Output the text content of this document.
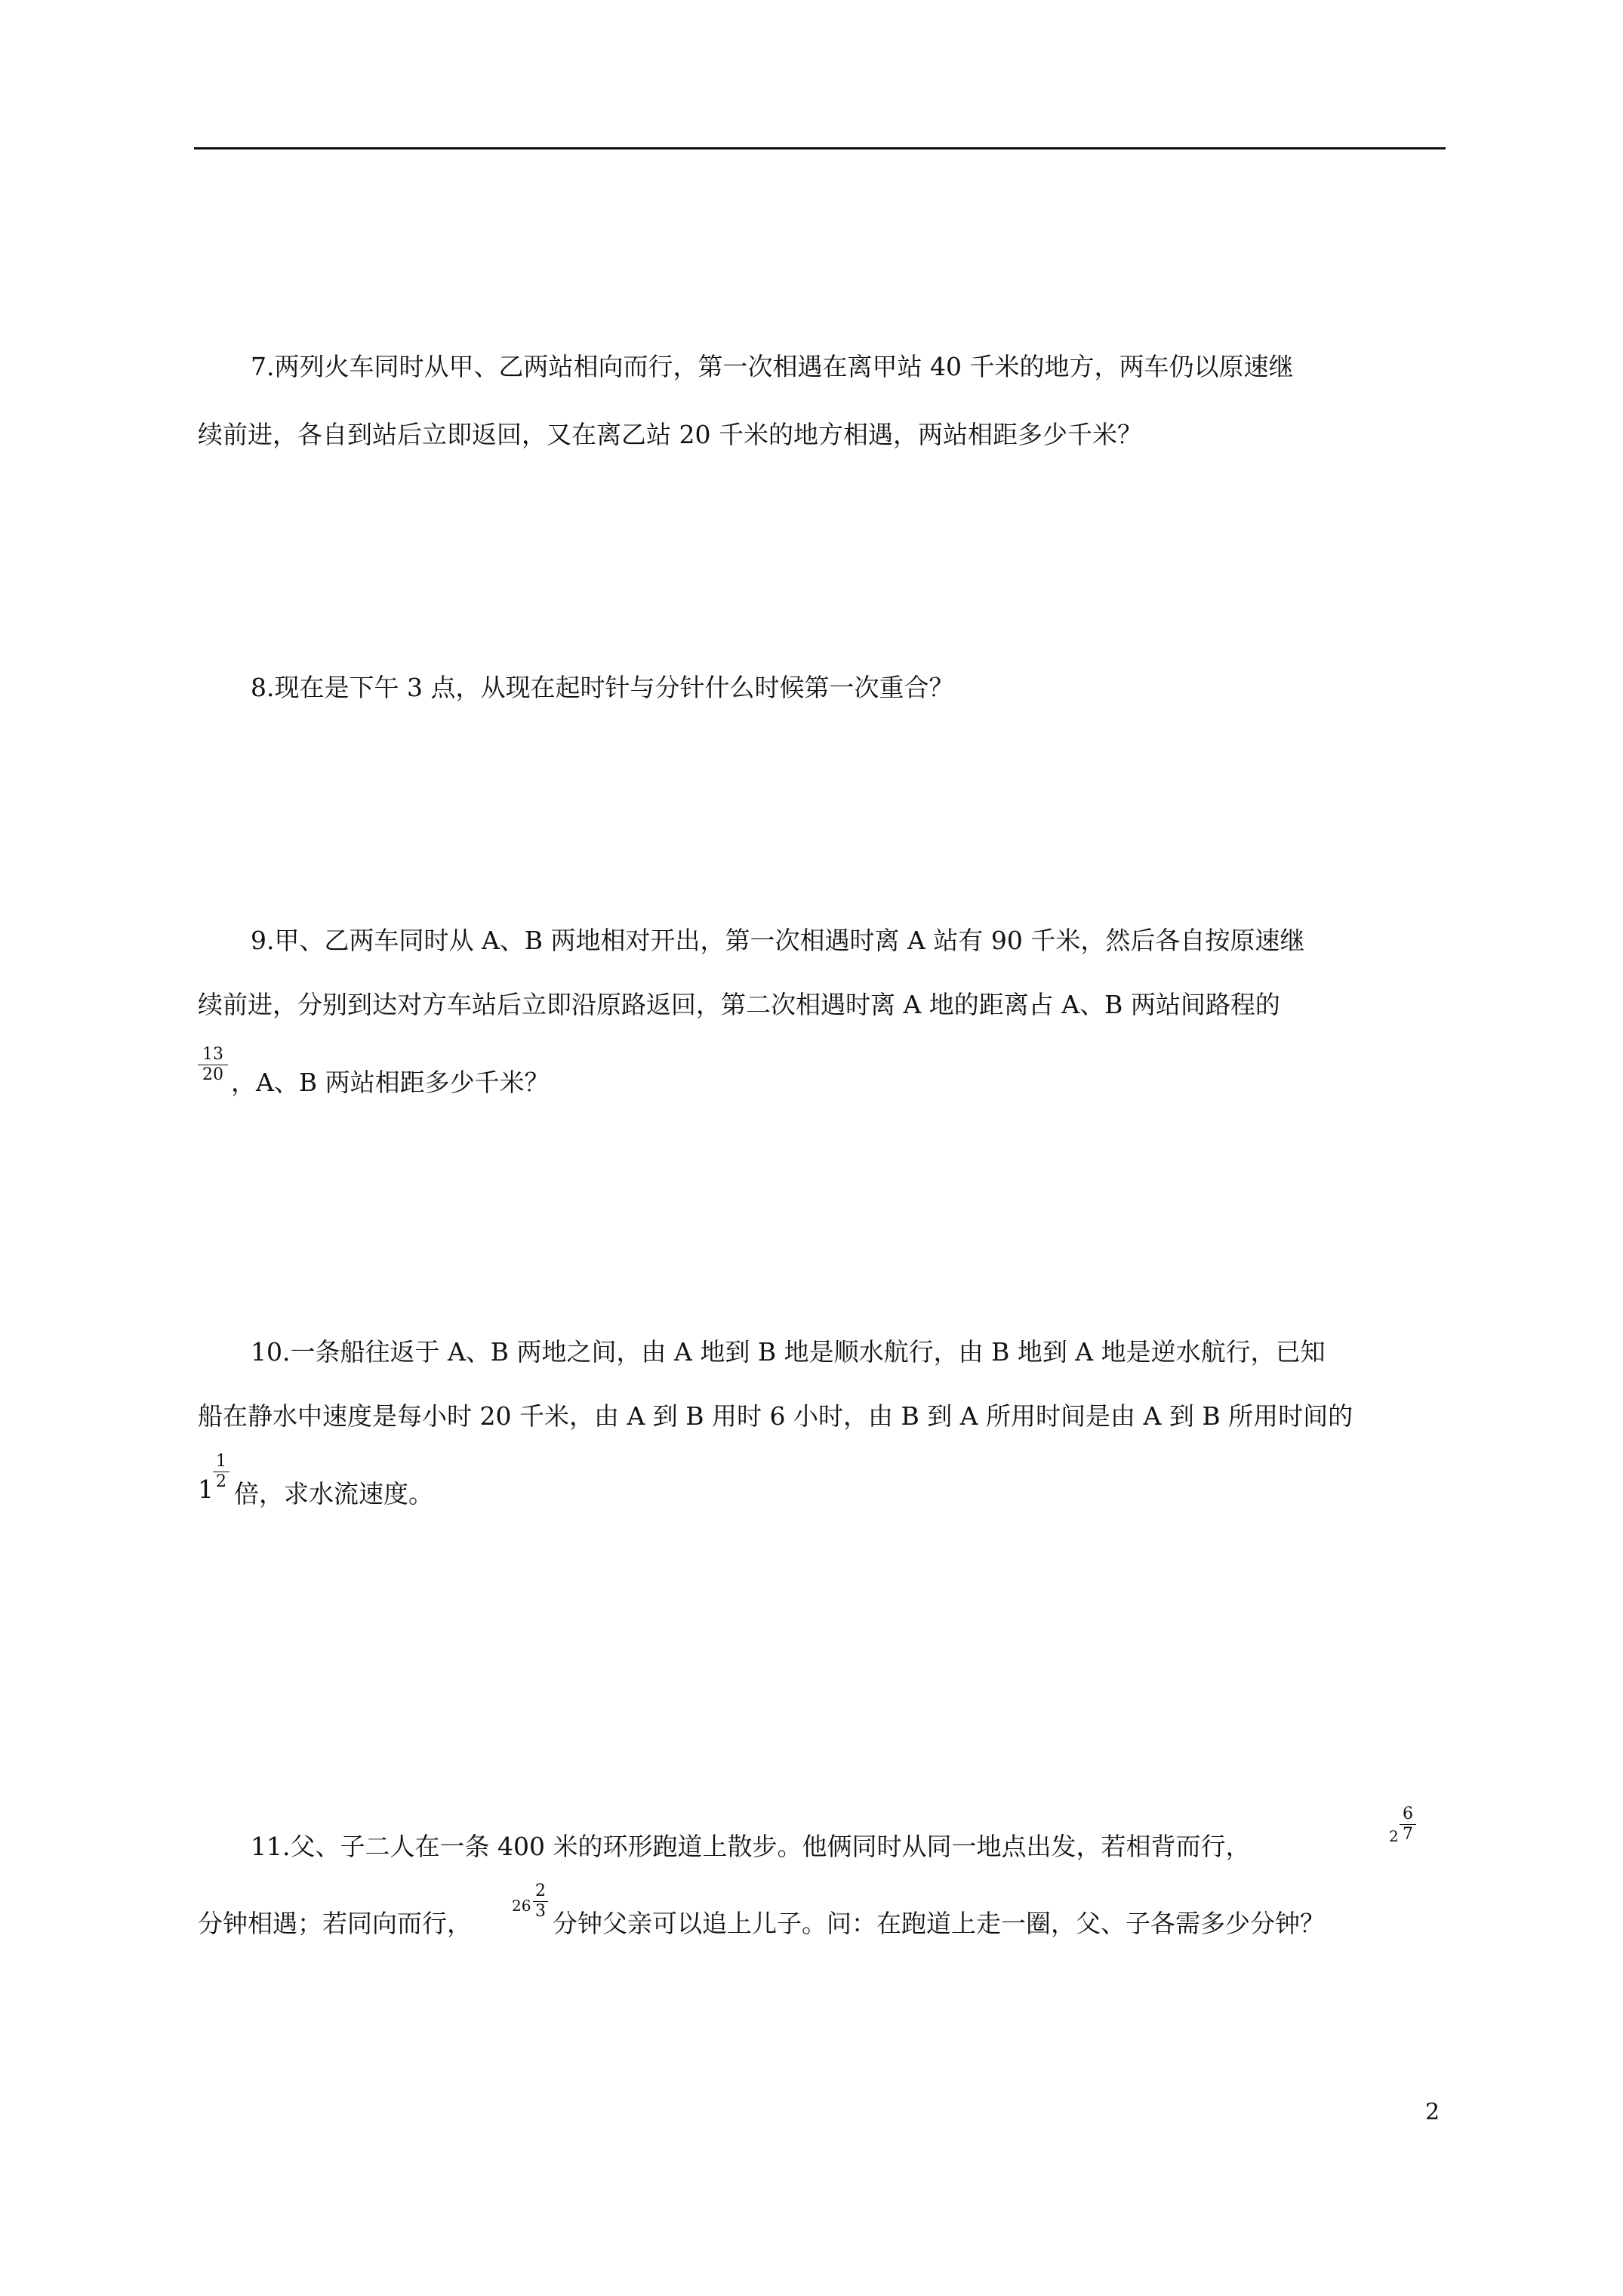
7.两列火车同时从甲、乙两站相向而行，第一次相遇在离甲站 40 千米的地方，两车仍以原速继
续前进，各自到站后立即返回，又在离乙站 20 千米的地方相遇，两站相距多少千米？
8.现在是下午 3 点，从现在起时针与分针什么时候第一次重合？
9.甲、乙两车同时从 A、B 两地相对开出，第一次相遇时离 A 站有 90 千米，然后各自按原速继
续前进，分别到达对方车站后立即沿原路返回，第二次相遇时离 A 地的距离占 A、B 两站间路程的
13
20 ，A、B 两站相距多少千米？
10.一条船往返于 A、B 两地之间，由 A 地到 B 地是顺水航行，由 B 地到 A 地是逆水航行，已知
船在静水中速度是每小时 20 千米，由 A 到 B 用时 6 小时，由 B 到 A 所用时间是由 A 到 B 所用时间的
1
1
2 倍，求水流速度。
11.父、子二人在一条 400 米的环形跑道上散步。他俩同时从同一地点出发，若相背而行，	2
6
7
分钟相遇；若同向而行，
26
2
3 分钟父亲可以追上儿子。问：在跑道上走一圈，父、子各需多少分钟？
2
